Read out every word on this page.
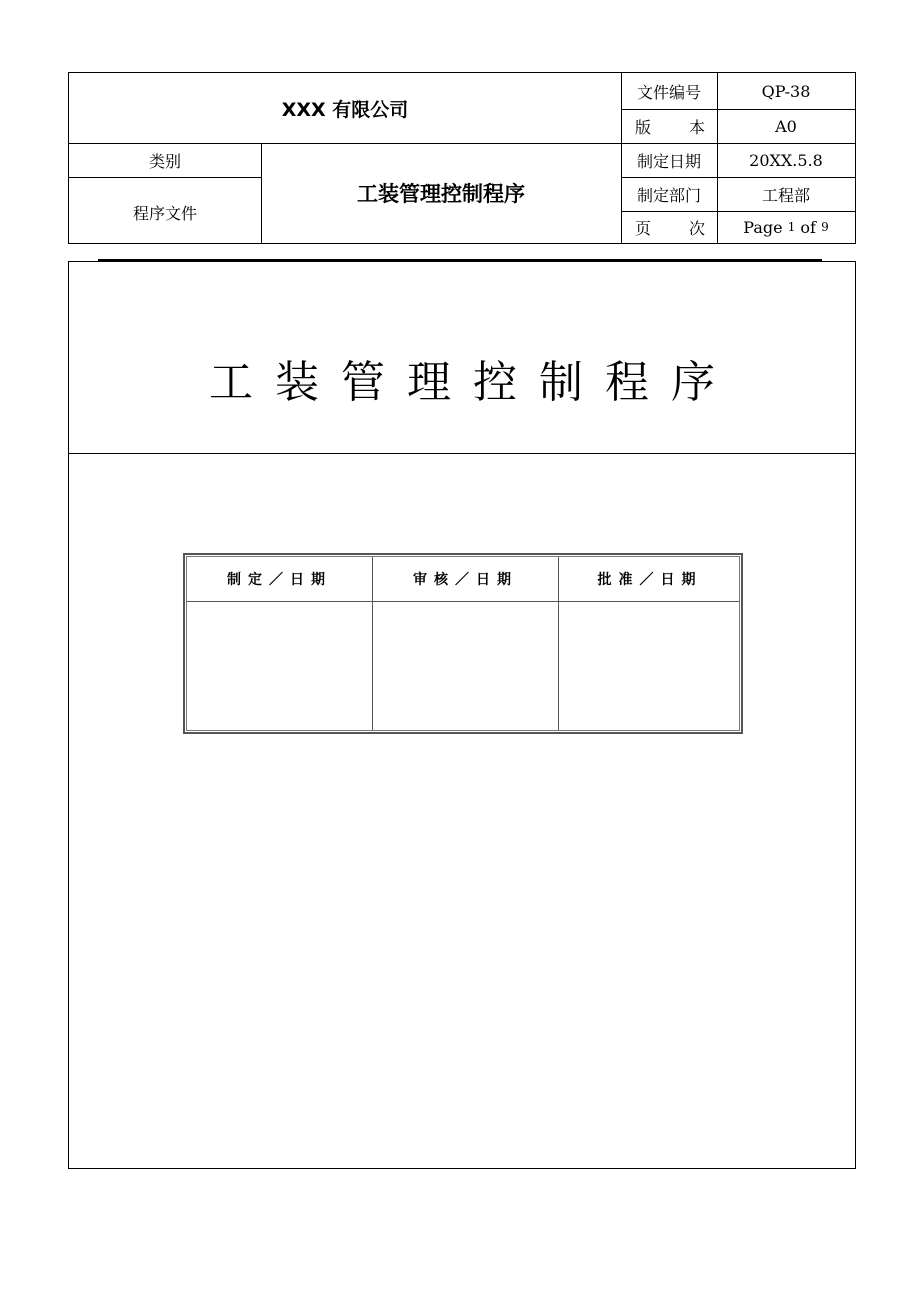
XXX 有限公司
类别
程序文件
工装管理控制程序
文件编号
版 本
制定日期
制定部门
页 次
QP-38
A0
20XX.5.8
工程部
Page 1 of 9
工装管理控制程序
制定／日期	审核／日期	批准／日期
